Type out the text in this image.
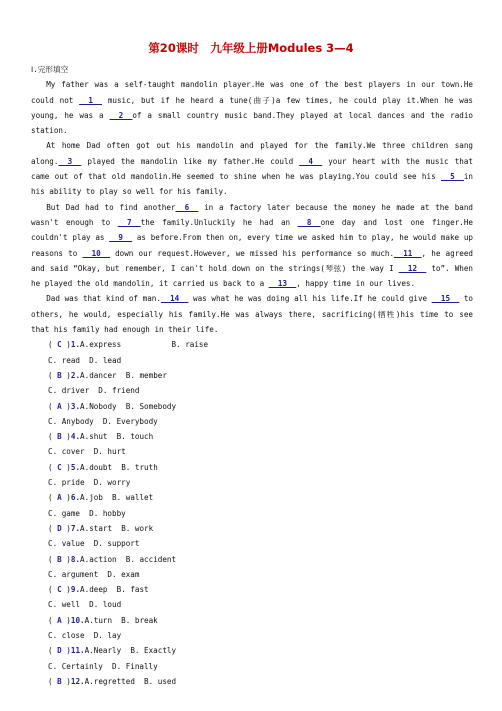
第20课时　九年级上册Modules 3—4

Ⅰ.完形填空

My father was a self-taught mandolin player.He was one of the best players in our town.He could not __1__ music, but if he heard a tune(曲子)a few times, he could play it.When he was young, he was a __2__of a small country music band.They played at local dances and the radio station.

At home Dad often got out his mandolin and played for the family.We three children sang along.__3__ played the mandolin like my father.He could __4__ your heart with the music that came out of that old mandolin.He seemed to shine when he was playing.You could see his __5__in his ability to play so well for his family.

But Dad had to find another__6__ in a factory later because the money he made at the band wasn't enough to __7__the family.Unluckily he had an __8__one day and lost one finger.He couldn't play as __9__ as before.From then on, every time we asked him to play, he would make up reasons to __10__ down our request.However, we missed his performance so much.__11__, he agreed and said “Okay, but remember, I can't hold down on the strings(琴弦) the way I __12__ to”. When he played the old mandolin, it carried us back to a __13__, happy time in our lives.

Dad was that kind of man.__14__ was what he was doing all his life.If he could give __15__ to others, he would, especially his family.He was always there, sacrificing(牺牲)his time to see that his family had enough in their life.

( C )1.A.express           B. raise
C. read  D. lead
( B )2.A.dancer  B. member
C. driver  D. friend
( A )3.A.Nobody  B. Somebody
C. Anybody  D. Everybody
( B )4.A.shut  B. touch
C. cover  D. hurt
( C )5.A.doubt  B. truth
C. pride  D. worry
( A )6.A.job  B. wallet
C. game  D. hobby
( D )7.A.start  B. work
C. value  D. support
( B )8.A.action  B. accident
C. argument  D. exam
( C )9.A.deep  B. fast
C. well  D. loud
( A )10.A.turn  B. break
C. close  D. lay
( D )11.A.Nearly  B. Exactly
C. Certainly  D. Finally
( B )12.A.regretted  B. used
